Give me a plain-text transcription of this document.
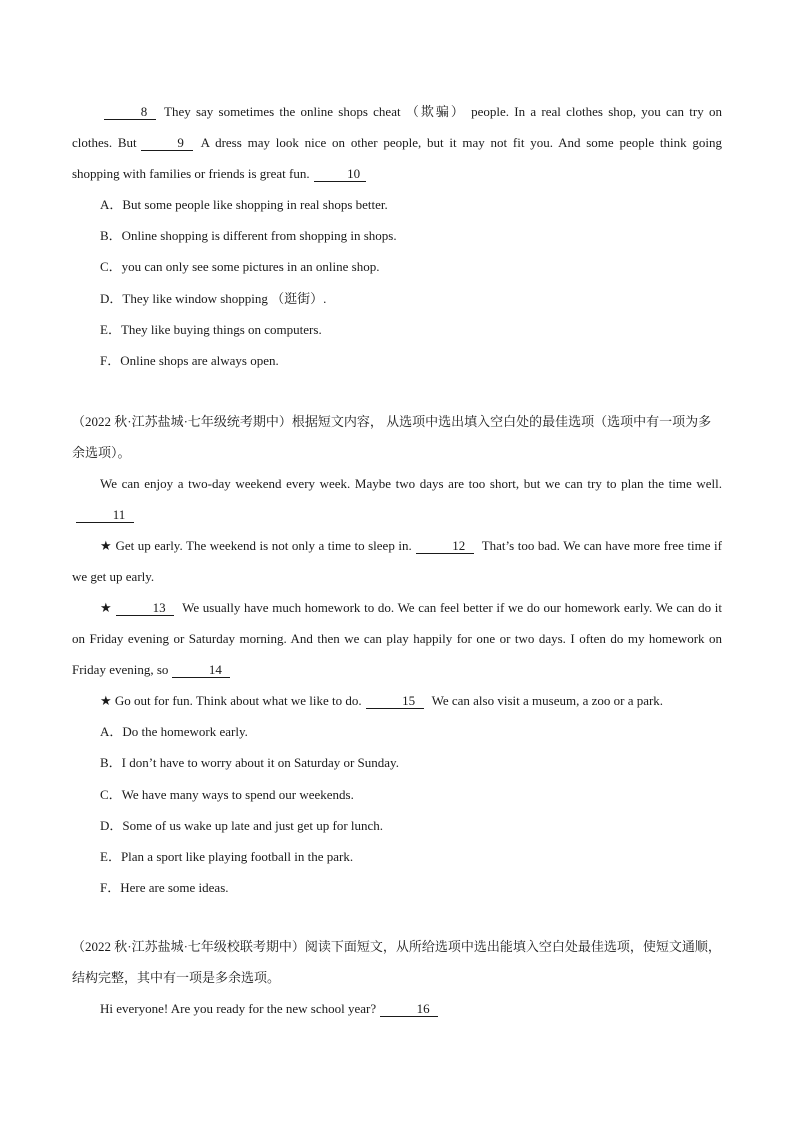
8 They say sometimes the online shops cheat （欺骗） people. In a real clothes shop, you can try on clothes. But	9 A dress may look nice on other people, but it may not fit you. And some people think going shopping with families or friends is great fun.	10

A．But some people like shopping in real shops better.

B．Online shopping is different from shopping in shops.

C．you can only see some pictures in an online shop.

D．They like window shopping （逛街）.

E．They like buying things on computers.

F．Online shops are always open.

（2022 秋·江苏盐城·七年级统考期中）根据短文内容， 从选项中选出填入空白处的最佳选项（选项中有一项为多余选项）。

We can enjoy a two-day weekend every week. Maybe two days are too short, but we can try to plan the time well.11

★ Get up early. The weekend is not only a time to sleep in.	12 That’s too bad. We can have more free time if we get up early.

★	13 We usually have much homework to do. We can feel better if we do our homework early. We can do it on Friday evening or Saturday morning. And then we can play happily for one or two days. I often do my homework on Friday evening, so	14

★ Go out for fun. Think about what we like to do.	15 We can also visit a museum, a zoo or a park.

A．Do the homework early.

B．I don’t have to worry about it on Saturday or Sunday.

C．We have many ways to spend our weekends.

D．Some of us wake up late and just get up for lunch.

E．Plan a sport like playing football in the park.

F．Here are some ideas.

（2022 秋·江苏盐城·七年级校联考期中）阅读下面短文，从所给选项中选出能填入空白处最佳选项，使短文通顺，结构完整，其中有一项是多余选项。

Hi everyone! Are you ready for the new school year?	16
